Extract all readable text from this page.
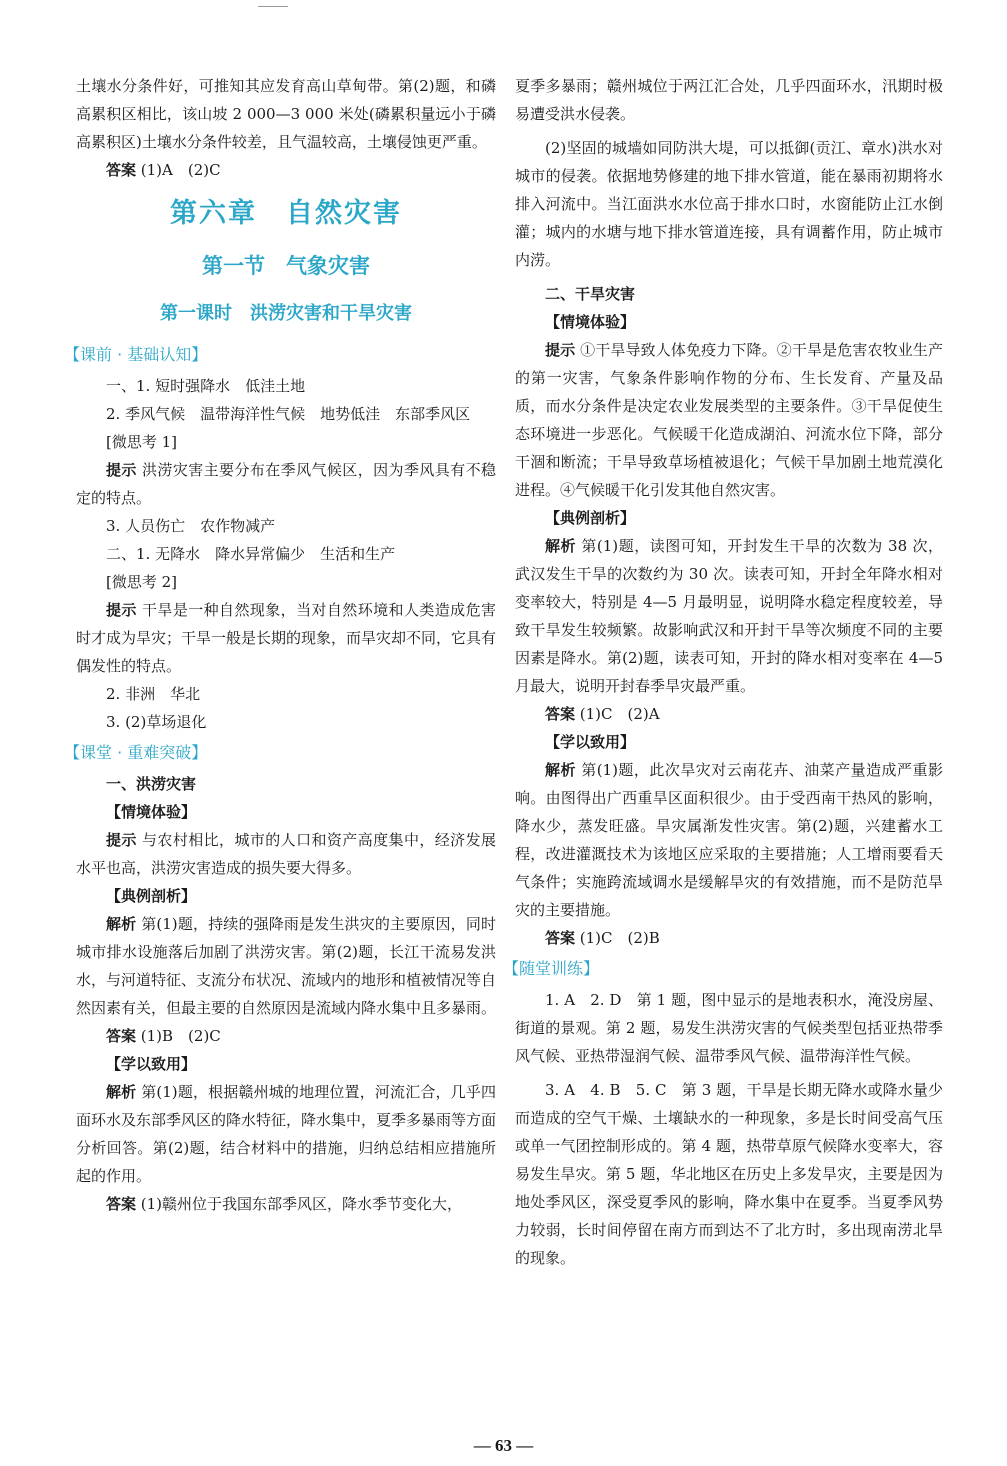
土壤水分条件好，可推知其应发育高山草甸带。第(2)题，和磷高累积区相比，该山坡 2 000—3 000 米处(磷累积量远小于磷高累积区)土壤水分条件较差，且气温较高，土壤侵蚀更严重。

答案 (1)A　(2)C

第六章　自然灾害
第一节　气象灾害
第一课时　洪涝灾害和干旱灾害
【课前 · 基础认知】

一、1. 短时强降水　低洼土地

2. 季风气候　温带海洋性气候　地势低洼　东部季风区

[微思考 1]

提示 洪涝灾害主要分布在季风气候区，因为季风具有不稳定的特点。

3. 人员伤亡　农作物减产

二、1. 无降水　降水异常偏少　生活和生产

[微思考 2]

提示 干旱是一种自然现象，当对自然环境和人类造成危害时才成为旱灾；干旱一般是长期的现象，而旱灾却不同，它具有偶发性的特点。

2. 非洲　华北

3. (2)草场退化

【课堂 · 重难突破】

一、洪涝灾害

【情境体验】

提示 与农村相比，城市的人口和资产高度集中，经济发展水平也高，洪涝灾害造成的损失要大得多。

【典例剖析】

解析 第(1)题，持续的强降雨是发生洪灾的主要原因，同时城市排水设施落后加剧了洪涝灾害。第(2)题，长江干流易发洪水，与河道特征、支流分布状况、流域内的地形和植被情况等自然因素有关，但最主要的自然原因是流域内降水集中且多暴雨。

答案 (1)B　(2)C

【学以致用】

解析 第(1)题，根据赣州城的地理位置，河流汇合，几乎四面环水及东部季风区的降水特征，降水集中，夏季多暴雨等方面分析回答。第(2)题，结合材料中的措施，归纳总结相应措施所起的作用。

答案 (1)赣州位于我国东部季风区，降水季节变化大，

夏季多暴雨；赣州城位于两江汇合处，几乎四面环水，汛期时极易遭受洪水侵袭。

(2)坚固的城墙如同防洪大堤，可以抵御(贡江、章水)洪水对城市的侵袭。依据地势修建的地下排水管道，能在暴雨初期将水排入河流中。当江面洪水水位高于排水口时，水窗能防止江水倒灌；城内的水塘与地下排水管道连接，具有调蓄作用，防止城市内涝。

二、干旱灾害

【情境体验】

提示 ①干旱导致人体免疫力下降。②干旱是危害农牧业生产的第一灾害，气象条件影响作物的分布、生长发育、产量及品质，而水分条件是决定农业发展类型的主要条件。③干旱促使生态环境进一步恶化。气候暖干化造成湖泊、河流水位下降，部分干涸和断流；干旱导致草场植被退化；气候干旱加剧土地荒漠化进程。④气候暖干化引发其他自然灾害。

【典例剖析】

解析 第(1)题，读图可知，开封发生干旱的次数为 38 次，武汉发生干旱的次数约为 30 次。读表可知，开封全年降水相对变率较大，特别是 4—5 月最明显，说明降水稳定程度较差，导致干旱发生较频繁。故影响武汉和开封干旱等次频度不同的主要因素是降水。第(2)题，读表可知，开封的降水相对变率在 4—5 月最大，说明开封春季旱灾最严重。

答案 (1)C　(2)A

【学以致用】

解析 第(1)题，此次旱灾对云南花卉、油菜产量造成严重影响。由图得出广西重旱区面积很少。由于受西南干热风的影响，降水少，蒸发旺盛。旱灾属渐发性灾害。第(2)题，兴建蓄水工程，改进灌溉技术为该地区应采取的主要措施；人工增雨要看天气条件；实施跨流域调水是缓解旱灾的有效措施，而不是防范旱灾的主要措施。

答案 (1)C　(2)B

【随堂训练】

1. A　2. D　第 1 题，图中显示的是地表积水，淹没房屋、街道的景观。第 2 题，易发生洪涝灾害的气候类型包括亚热带季风气候、亚热带湿润气候、温带季风气候、温带海洋性气候。

3. A　4. B　5. C　第 3 题，干旱是长期无降水或降水量少而造成的空气干燥、土壤缺水的一种现象，多是长时间受高气压或单一气团控制形成的。第 4 题，热带草原气候降水变率大，容易发生旱灾。第 5 题，华北地区在历史上多发旱灾，主要是因为地处季风区，深受夏季风的影响，降水集中在夏季。当夏季风势力较弱，长时间停留在南方而到达不了北方时，多出现南涝北旱的现象。

— 63 —
